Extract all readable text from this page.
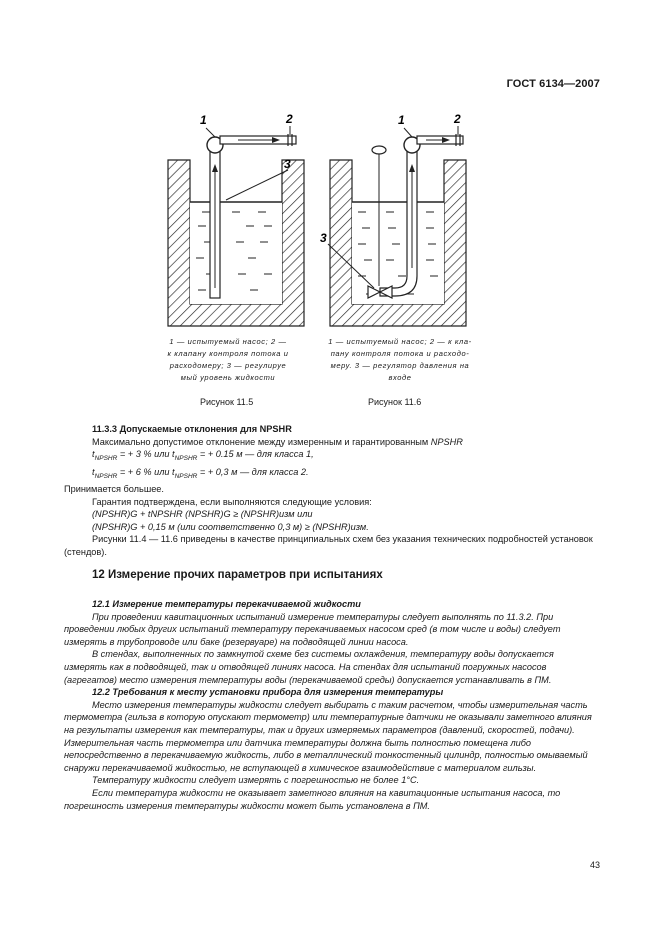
ГОСТ 6134—2007
1	2
3
1 — испытуемый насос; 2 —
к клапану контроля потока и
расходомеру; 3 — регулируе
мый уровень жидкости
Рисунок 11.5
1	2
3
1 — испытуемый насос; 2 — к кла-
пану контроля потока и расходо-
меру. 3 — регулятор давления на
входе
Рисунок 11.6

11.3.3 Допускаемые отклонения для NPSHR

Максимально допустимое отклонение между измеренным и гарантированным NPSHR

$t_{NPSHR}$ = + 3 % или $t_{NPSHR}$ = + 0.15 м — для класса 1,

$t_{NPSHR}$ = + 6 % или $t_{NPSHR}$ = + 0,3 м — для класса 2.

Принимается большее.

Гарантия подтверждена, если выполняются следующие условия:

(NPSHR)G + tNPSHR (NPSHR)G ≥ (NPSHR)изм или

(NPSHR)G + 0,15 м (или соответственно 0,3 м) ≥ (NPSHR)изм.

Рисунки 11.4 — 11.6 приведены в качестве принципиальных схем без указания технических подробностей установок (стендов).

12 Измерение прочих параметров при испытаниях

12.1 Измерение температуры перекачиваемой жидкости

При проведении кавитационных испытаний измерение температуры следует выполнять по 11.3.2. При проведении любых других испытаний температуру перекачиваемых насосом сред (в том числе и воды) следует измерять в трубопроводе или баке (резервуаре) на подводящей линии насоса.

В стендах, выполненных по замкнутой схеме без системы охлаждения, температуру воды допускается измерять как в подводящей, так и отводящей линиях насоса. На стендах для испытаний погружных насосов (агрегатов) место измерения температуры воды (перекачиваемой среды) допускается устанавливать в ПМ.

12.2 Требования к месту установки прибора для измерения температуры

Место измерения температуры жидкости следует выбирать с таким расчетом, чтобы измерительная часть термометра (гильза в которую опускают термометр) или температурные датчики не оказывали заметного влияния на результаты измерения как температуры, так и других измеряемых параметров (давлений, скоростей, подачи). Измерительная часть термометра или датчика температуры должна быть полностью помещена либо непосредственно в перекачиваемую жидкость, либо в металлический тонкостенный цилиндр, полностью омываемый снаружи перекачиваемой жидкостью, не вступающей в химическое взаимодействие с материалом гильзы.

Температуру жидкости следует измерять с погрешностью не более 1°С.

Если температура жидкости не оказывает заметного влияния на кавитационные испытания насоса, то погрешность измерения температуры жидкости может быть установлена в ПМ.

43
